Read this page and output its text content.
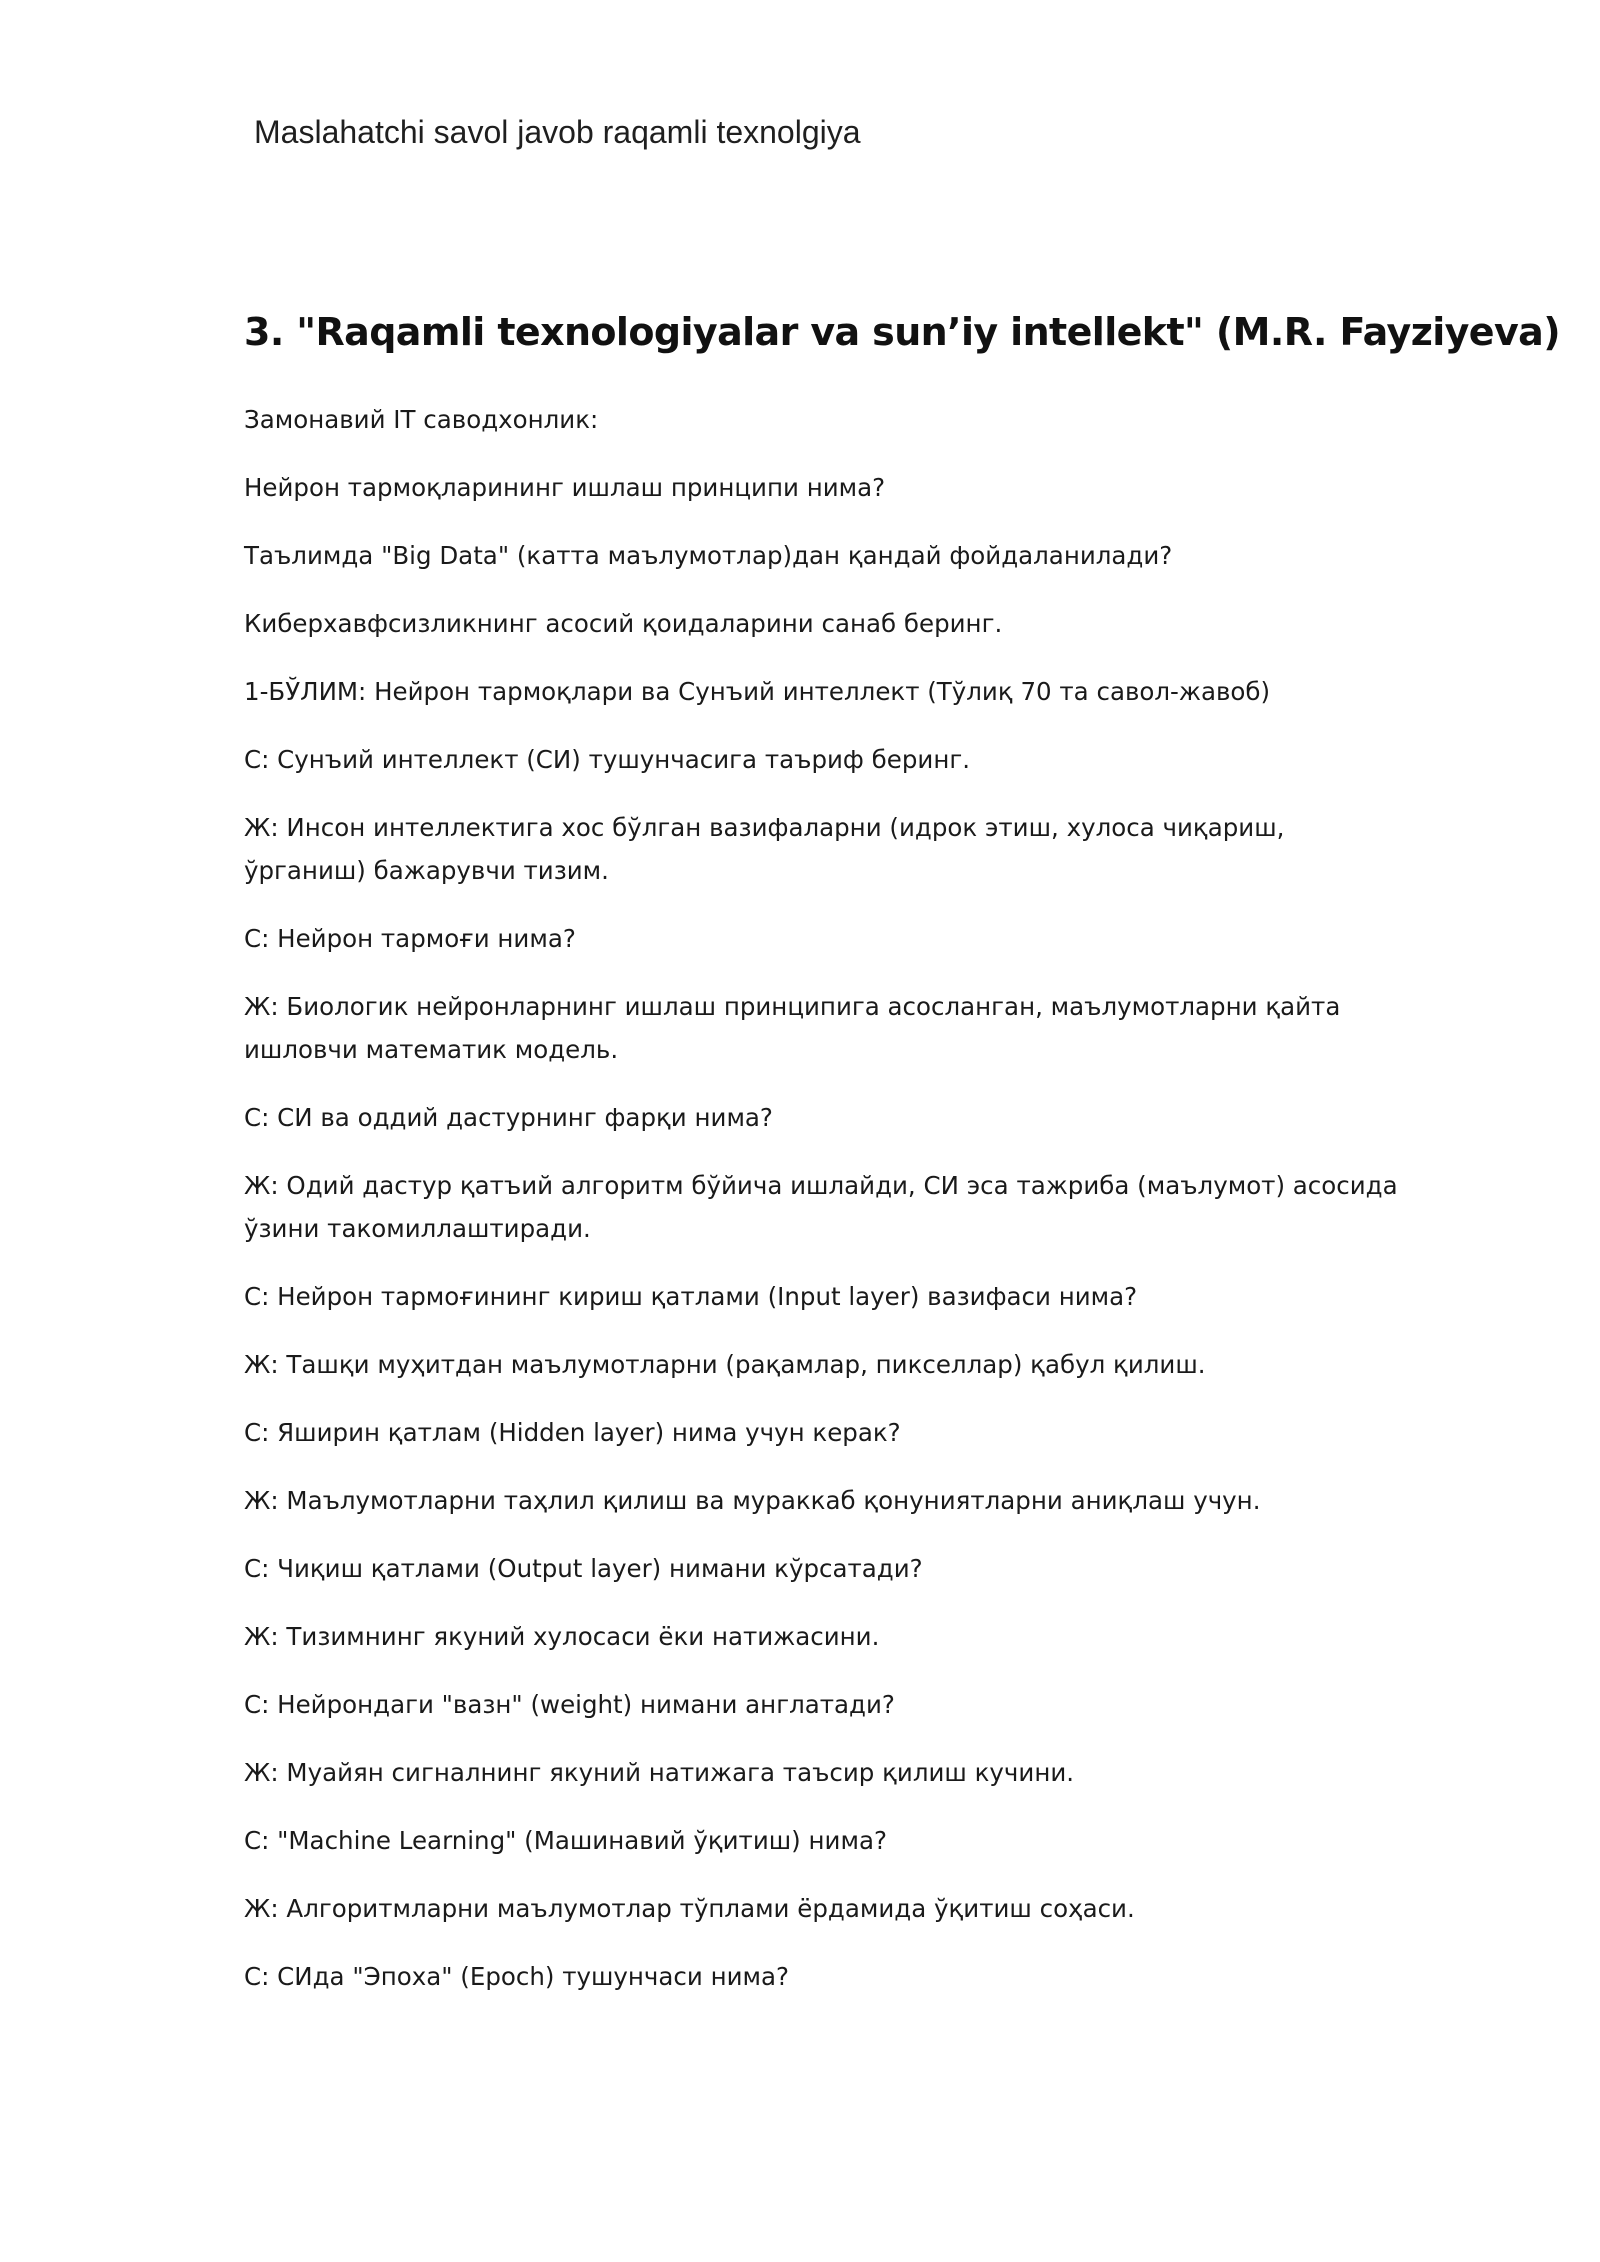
Maslahatchi savol javob raqamli texnolgiya

3. "Raqamli texnologiyalar va sun’iy intellekt" (M.R. Fayziyeva)

Замонавий IT саводхонлик:

Нейрон тармоқларининг ишлаш принципи нима?

Таълимда "Big Data" (катта маълумотлар)дан қандай фойдаланилади?

Киберхавфсизликнинг асосий қоидаларини санаб беринг.

1-БЎЛИМ: Нейрон тармоқлари ва Сунъий интеллект (Тўлиқ 70 та савол-жавоб)

С: Сунъий интеллект (СИ) тушунчасига таъриф беринг.

Ж: Инсон интеллектига хос бўлган вазифаларни (идрок этиш, хулоса чиқариш, ўрганиш) бажарувчи тизим.

С: Нейрон тармоғи нима?

Ж: Биологик нейронларнинг ишлаш принципига асосланган, маълумотларни қайта ишловчи математик модель.

С: СИ ва оддий дастурнинг фарқи нима?

Ж: Одий дастур қатъий алгоритм бўйича ишлайди, СИ эса тажриба (маълумот) асосида ўзини такомиллаштиради.

С: Нейрон тармоғининг кириш қатлами (Input layer) вазифаси нима?

Ж: Ташқи муҳитдан маълумотларни (рақамлар, пикселлар) қабул қилиш.

С: Яширин қатлам (Hidden layer) нима учун керак?

Ж: Маълумотларни таҳлил қилиш ва мураккаб қонуниятларни аниқлаш учун.

С: Чиқиш қатлами (Output layer) нимани кўрсатади?

Ж: Тизимнинг якуний хулосаси ёки натижасини.

С: Нейрондаги "вазн" (weight) нимани англатади?

Ж: Муайян сигналнинг якуний натижага таъсир қилиш кучини.

С: "Machine Learning" (Машинавий ўқитиш) нима?

Ж: Алгоритмларни маълумотлар тўплами ёрдамида ўқитиш соҳаси.

С: СИда "Эпоха" (Epoch) тушунчаси нима?
